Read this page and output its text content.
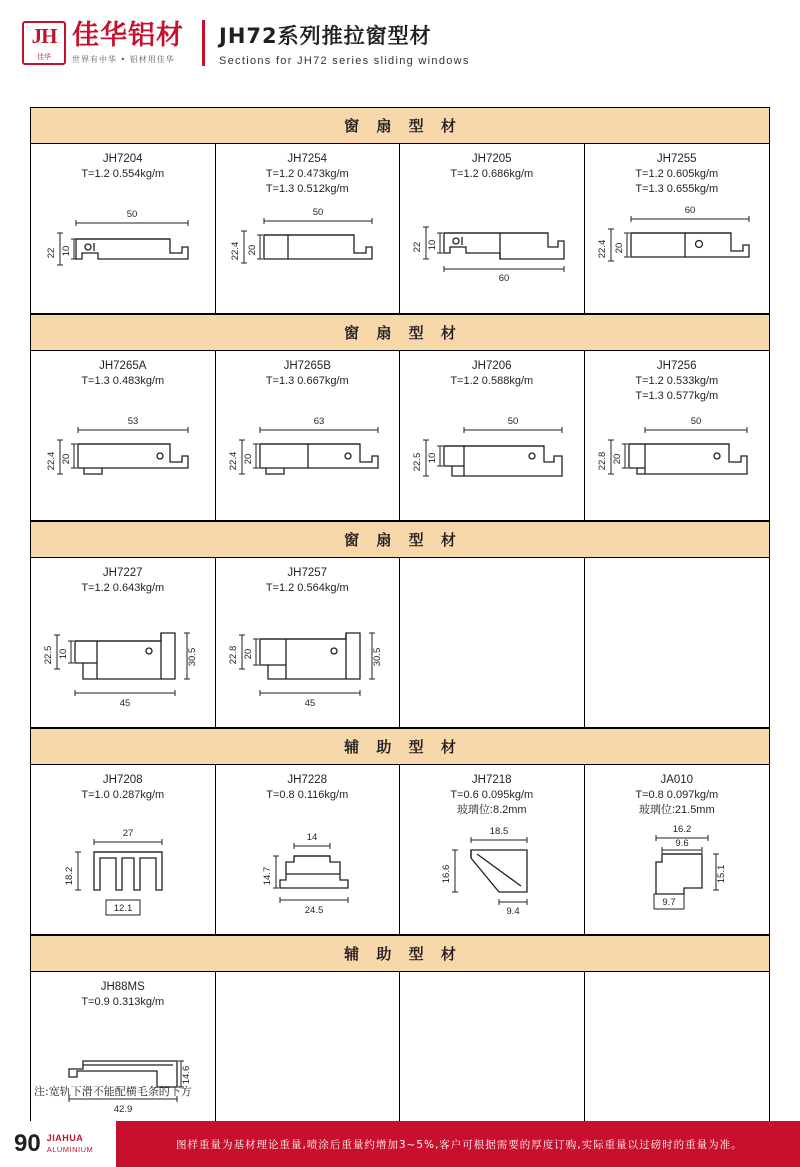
JH
佳华
佳华铝材
世界有中华 • 铝材用佳华
JH72系列推拉窗型材
Sections for JH72 series sliding windows
窗 扇 型 材
JH7204
T=1.2 0.554kg/m
50
22 10
JH7254
T=1.2 0.473kg/m
T=1.3 0.512kg/m
50
22.4 20
JH7205
T=1.2 0.686kg/m
22 10
60
JH7255
T=1.2 0.605kg/m
T=1.3 0.655kg/m
60
22.4 20
窗 扇 型 材
JH7265A
T=1.3 0.483kg/m
53
22.4 20
JH7265B
T=1.3 0.667kg/m
63
22.4 20
JH7206
T=1.2 0.588kg/m
50
22.5 10
JH7256
T=1.2 0.533kg/m
T=1.3 0.577kg/m
50
22.8 20
窗 扇 型 材
JH7227
T=1.2 0.643kg/m
22.5 10	30.5
45
JH7257
T=1.2 0.564kg/m
22.8 20	30.5
45
辅 助 型 材
JH7208
T=1.0 0.287kg/m
27
18.2
12.1
JH7228
T=0.8 0.116kg/m
14
14.7
24.5
JH7218
T=0.6 0.095kg/m
玻璃位:8.2mm
18.5
16.6
9.4
JA010
T=0.8 0.097kg/m
玻璃位:21.5mm
16.2
9.6
15.1
9.7
辅 助 型 材
JH88MS
T=0.9 0.313kg/m
14.6
42.9
注:宽轨下滑不能配横毛条的下方
90 JIAHUA
ALUMINIUM	图样重量为基材理论重量,喷涂后重量约增加3~5%,客户可根据需要的厚度订购,实际重量以过磅时的重量为准。
